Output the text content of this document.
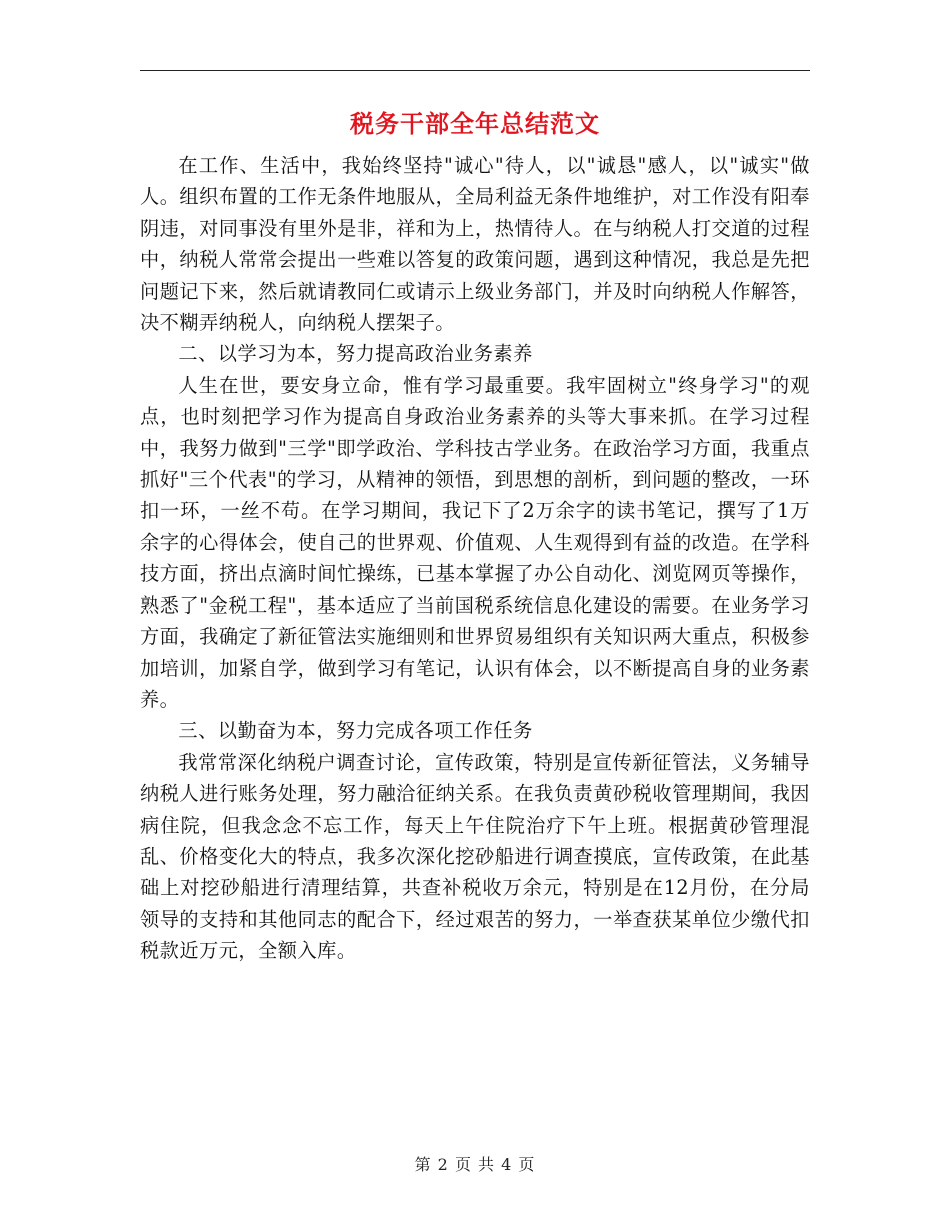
税务干部全年总结范文

在工作、生活中，我始终坚持"诚心"待人，以"诚恳"感人，以"诚实"做人。组织布置的工作无条件地服从，全局利益无条件地维护，对工作没有阳奉阴违，对同事没有里外是非，祥和为上，热情待人。在与纳税人打交道的过程中，纳税人常常会提出一些难以答复的政策问题，遇到这种情况，我总是先把问题记下来，然后就请教同仁或请示上级业务部门，并及时向纳税人作解答，决不糊弄纳税人，向纳税人摆架子。

二、以学习为本，努力提高政治业务素养

人生在世，要安身立命，惟有学习最重要。我牢固树立"终身学习"的观点，也时刻把学习作为提高自身政治业务素养的头等大事来抓。在学习过程中，我努力做到"三学"即学政治、学科技古学业务。在政治学习方面，我重点抓好"三个代表"的学习，从精神的领悟，到思想的剖析，到问题的整改，一环扣一环，一丝不苟。在学习期间，我记下了2万余字的读书笔记，撰写了1万余字的心得体会，使自己的世界观、价值观、人生观得到有益的改造。在学科技方面，挤出点滴时间忙操练，已基本掌握了办公自动化、浏览网页等操作，熟悉了"金税工程"，基本适应了当前国税系统信息化建设的需要。在业务学习方面，我确定了新征管法实施细则和世界贸易组织有关知识两大重点，积极参加培训，加紧自学，做到学习有笔记，认识有体会，以不断提高自身的业务素养。

三、以勤奋为本，努力完成各项工作任务

我常常深化纳税户调查讨论，宣传政策，特别是宣传新征管法，义务辅导纳税人进行账务处理，努力融洽征纳关系。在我负责黄砂税收管理期间，我因病住院，但我念念不忘工作，每天上午住院治疗下午上班。根据黄砂管理混乱、价格变化大的特点，我多次深化挖砂船进行调查摸底，宣传政策，在此基础上对挖砂船进行清理结算，共查补税收万余元，特别是在12月份，在分局领导的支持和其他同志的配合下，经过艰苦的努力，一举查获某单位少缴代扣税款近万元，全额入库。

第 2 页 共 4 页
